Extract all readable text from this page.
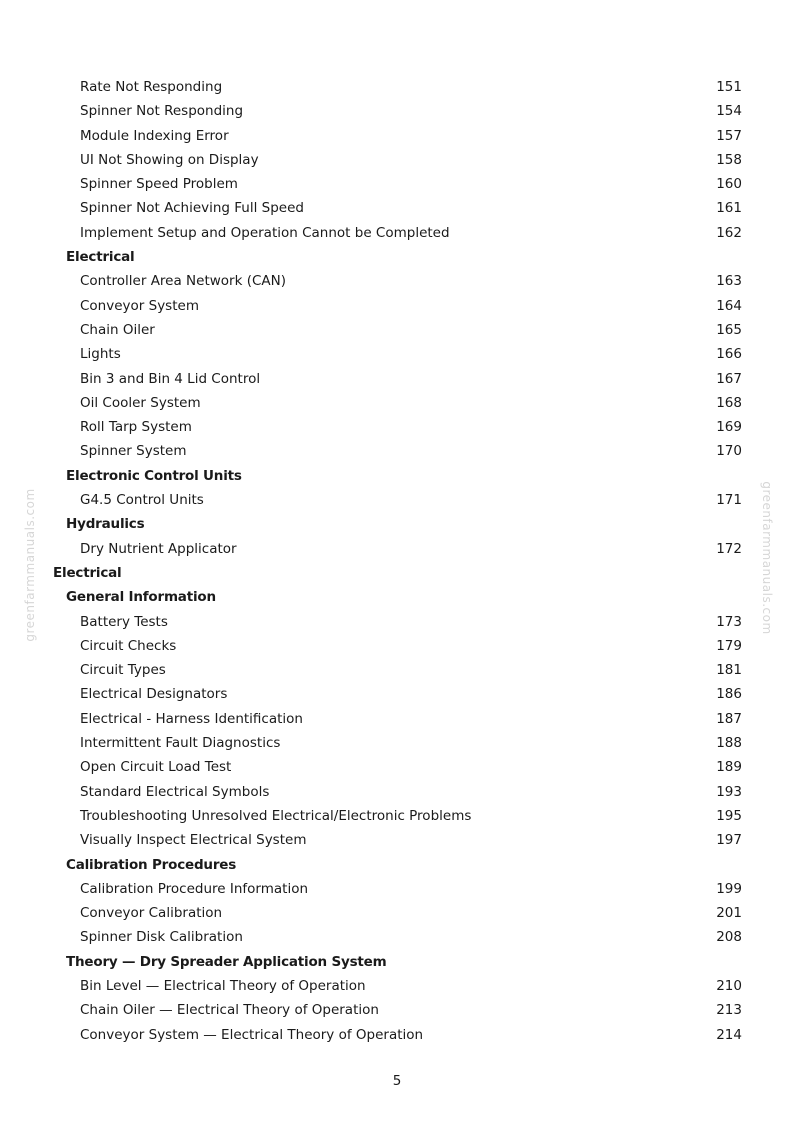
Rate Not Responding	151
Spinner Not Responding	154
Module Indexing Error	157
UI Not Showing on Display	158
Spinner Speed Problem	160
Spinner Not Achieving Full Speed	161
Implement Setup and Operation Cannot be Completed	162
Electrical
Controller Area Network (CAN)	163
Conveyor System	164
Chain Oiler	165
Lights	166
Bin 3 and Bin 4 Lid Control	167
Oil Cooler System	168
Roll Tarp System	169
Spinner System	170
Electronic Control Units
G4.5 Control Units	171
Hydraulics
Dry Nutrient Applicator	172
Electrical
General Information
Battery Tests	173
Circuit Checks	179
Circuit Types	181
Electrical Designators	186
Electrical - Harness Identification	187
Intermittent Fault Diagnostics	188
Open Circuit Load Test	189
Standard Electrical Symbols	193
Troubleshooting Unresolved Electrical/Electronic Problems	195
Visually Inspect Electrical System	197
Calibration Procedures
Calibration Procedure Information	199
Conveyor Calibration	201
Spinner Disk Calibration	208
Theory — Dry Spreader Application System
Bin Level — Electrical Theory of Operation	210
Chain Oiler — Electrical Theory of Operation	213
Conveyor System — Electrical Theory of Operation	214
greenfarmmanuals.com	greenfarmmanuals.com
5
